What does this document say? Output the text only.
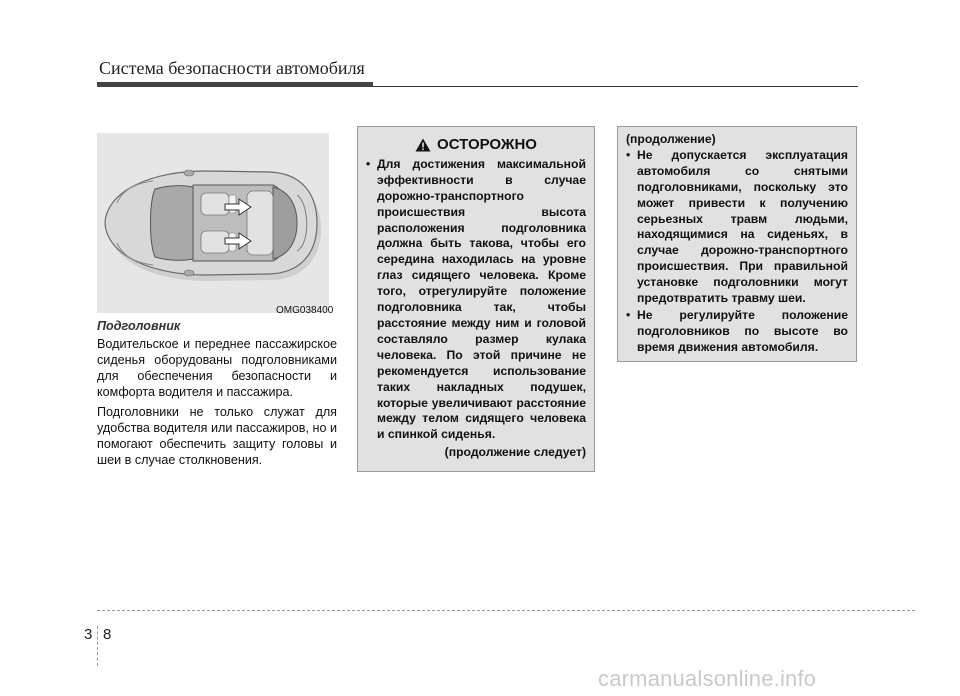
Система безопасности автомобиля
OMG038400
Подголовник

Водительское и переднее пассажирское сиденья оборудованы подголовниками для обеспечения безопасности и комфорта водителя и пассажира.

Подголовники не только служат для удобства водителя или пассажиров, но и помогают обеспечить защиту головы и шеи в случае столкновения.

ОСТОРОЖНО
• Для достижения максимальной эффективности в случае дорожно-транспортного происшествия высота расположения подголовника должна быть такова, чтобы его середина находилась на уровне глаз сидящего человека. Кроме того, отрегулируйте положение подголовника так, чтобы расстояние между ним и головой составляло размер кулака человека. По этой причине не рекомендуется использование таких накладных подушек, которые увеличивают расстояние между телом сидящего человека и спинкой сиденья.
(продолжение следует)
(продолжение)
• Не допускается эксплуатация автомобиля со снятыми подголовниками, поскольку это может привести к получению серьезных травм людьми, находящимися на сиденьях, в случае дорожно-транспортного происшествия. При правильной установке подголовники могут предотвратить травму шеи.
• Не регулируйте положение подголовников по высоте во время движения автомобиля.
3 8
carmanualsonline.info
